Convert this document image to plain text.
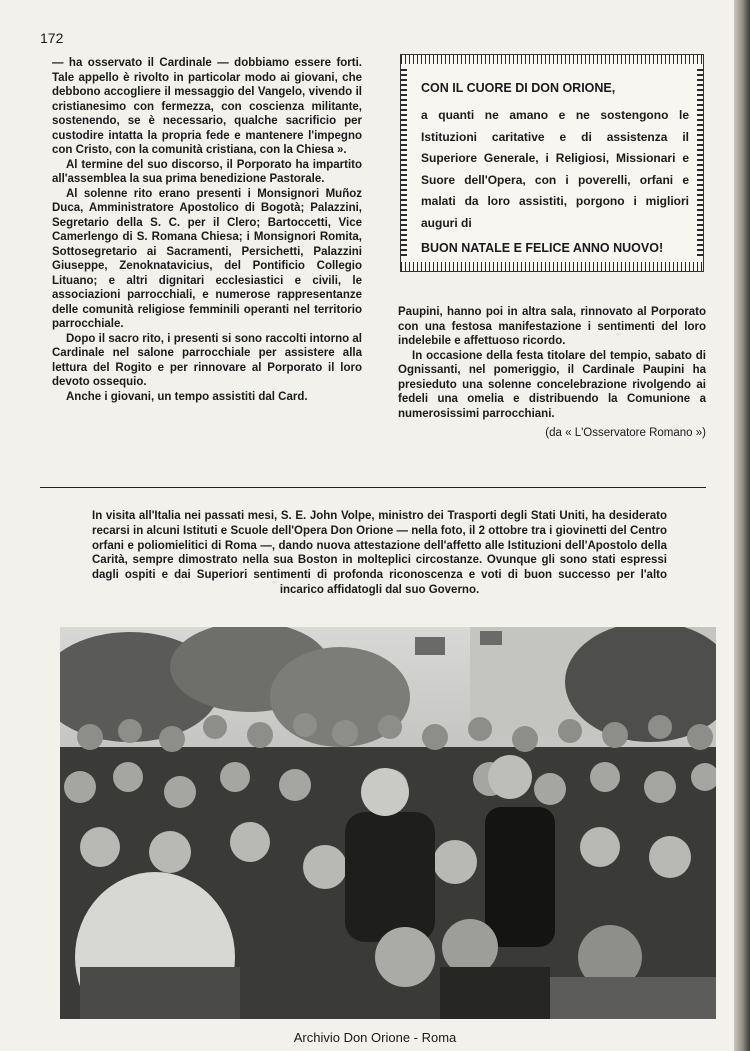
172

— ha osservato il Cardinale — dobbiamo essere forti. Tale appello è rivolto in particolar modo ai giovani, che debbono accogliere il messaggio del Vangelo, vivendo il cristianesimo con fermezza, con coscienza militante, sostenendo, se è necessario, qualche sacrificio per custodire intatta la propria fede e mantenere l'impegno con Cristo, con la comunità cristiana, con la Chiesa ».

Al termine del suo discorso, il Porporato ha impartito all'assemblea la sua prima benedizione Pastorale.

Al solenne rito erano presenti i Monsignori Muñoz Duca, Amministratore Apostolico di Bogotà; Palazzini, Segretario della S. C. per il Clero; Bartoccetti, Vice Camerlengo di S. Romana Chiesa; i Monsignori Romita, Sottosegretario ai Sacramenti, Persichetti, Palazzini Giuseppe, Zenoknatavicius, del Pontificio Collegio Lituano; e altri dignitari ecclesiastici e civili, le associazioni parrocchiali, e numerose rappresentanze delle comunità religiose femminili operanti nel territorio parrocchiale.

Dopo il sacro rito, i presenti si sono raccolti intorno al Cardinale nel salone parrocchiale per assistere alla lettura del Rogito e per rinnovare al Porporato il loro devoto ossequio.

Anche i giovani, un tempo assistiti dal Card.

CON IL CUORE DI DON ORIONE,
a quanti ne amano e ne sostengono le Istituzioni caritative e di assistenza il Superiore Generale, i Religiosi, Missionari e Suore dell'Opera, con i poverelli, orfani e malati da loro assistiti, porgono i migliori auguri di
BUON NATALE E FELICE ANNO NUOVO!

Paupini, hanno poi in altra sala, rinnovato al Porporato con una festosa manifestazione i sentimenti del loro indelebile e affettuoso ricordo.

In occasione della festa titolare del tempio, sabato di Ognissanti, nel pomeriggio, il Cardinale Paupini ha presieduto una solenne concelebrazione rivolgendo ai fedeli una omelia e distribuendo la Comunione a numerosissimi parrocchiani.

(da « L'Osservatore Romano »)
In visita all'Italia nei passati mesi, S. E. John Volpe, ministro dei Trasporti degli Stati Uniti, ha desiderato recarsi in alcuni Istituti e Scuole dell'Opera Don Orione — nella foto, il 2 ottobre tra i giovinetti del Centro orfani e poliomielitici di Roma —, dando nuova attestazione dell'affetto alle Istituzioni dell'Apostolo della Carità, sempre dimostrato nella sua Boston in molteplici circostanze. Ovunque gli sono stati espressi dagli ospiti e dai Superiori sentimenti di profonda riconoscenza e voti di buon successo per l'alto incarico affidatogli dal suo Governo.
Archivio Don Orione - Roma
